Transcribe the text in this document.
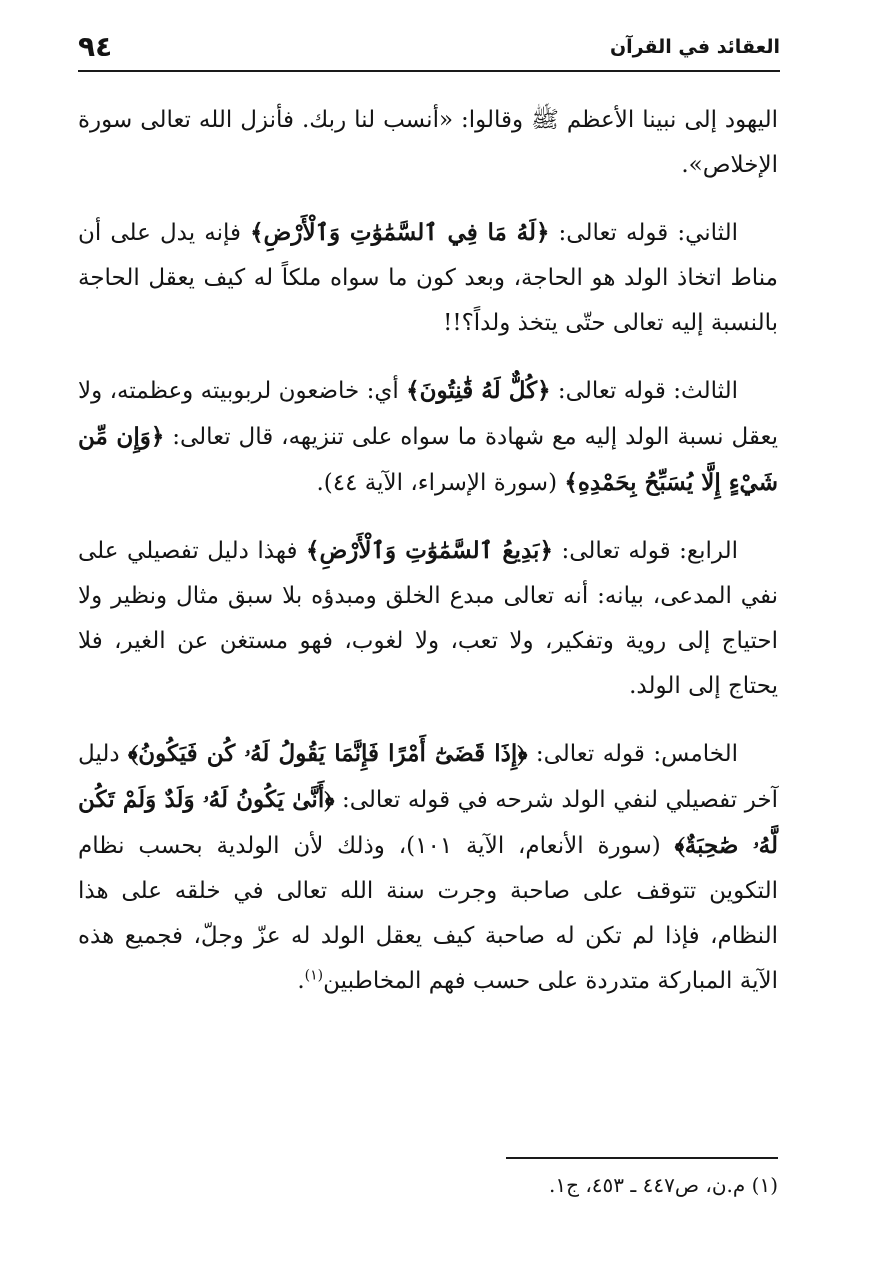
العقائد في القرآن
٩٤

اليهود إلى نبينا الأعظم ﷺ وقالوا: «أنسب لنا ربك. فأنزل الله تعالى سورة الإخلاص».

الثاني: قوله تعالى: ﴿لَهُ مَا فِي ٱلسَّمَٰوَٰتِ وَٱلْأَرْضِ﴾ فإنه يدل على أن مناط اتخاذ الولد هو الحاجة، وبعد كون ما سواه ملكاً له كيف يعقل الحاجة بالنسبة إليه تعالى حتّى يتخذ ولداً؟!!

الثالث: قوله تعالى: ﴿كُلٌّ لَهُ قَٰنِتُونَ﴾ أي: خاضعون لربوبيته وعظمته، ولا يعقل نسبة الولد إليه مع شهادة ما سواه على تنزيهه، قال تعالى: ﴿وَإِن مِّن شَيْءٍ إِلَّا يُسَبِّحُ بِحَمْدِهِ﴾ (سورة الإسراء، الآية ٤٤).

الرابع: قوله تعالى: ﴿بَدِيعُ ٱلسَّمَٰوَٰتِ وَٱلْأَرْضِ﴾ فهذا دليل تفصيلي على نفي المدعى، بيانه: أنه تعالى مبدع الخلق ومبدؤه بلا سبق مثال ونظير ولا احتياج إلى روية وتفكير، ولا تعب، ولا لغوب، فهو مستغن عن الغير، فلا يحتاج إلى الولد.

الخامس: قوله تعالى: ﴿إِذَا قَضَىٰٓ أَمْرًا فَإِنَّمَا يَقُولُ لَهُۥ كُن فَيَكُونُ﴾ دليل آخر تفصيلي لنفي الولد شرحه في قوله تعالى: ﴿أَنَّىٰ يَكُونُ لَهُۥ وَلَدٌ وَلَمْ تَكُن لَّهُۥ صَٰحِبَةٌ﴾ (سورة الأنعام، الآية ١٠١)، وذلك لأن الولدية بحسب نظام التكوين تتوقف على صاحبة وجرت سنة الله تعالى في خلقه على هذا النظام، فإذا لم تكن له صاحبة كيف يعقل الولد له عزّ وجلّ، فجميع هذه الآية المباركة متدردة على حسب فهم المخاطبين$^{(١)}$.

(١) م.ن، ص٤٤٧ ـ ٤٥٣، ج١.
